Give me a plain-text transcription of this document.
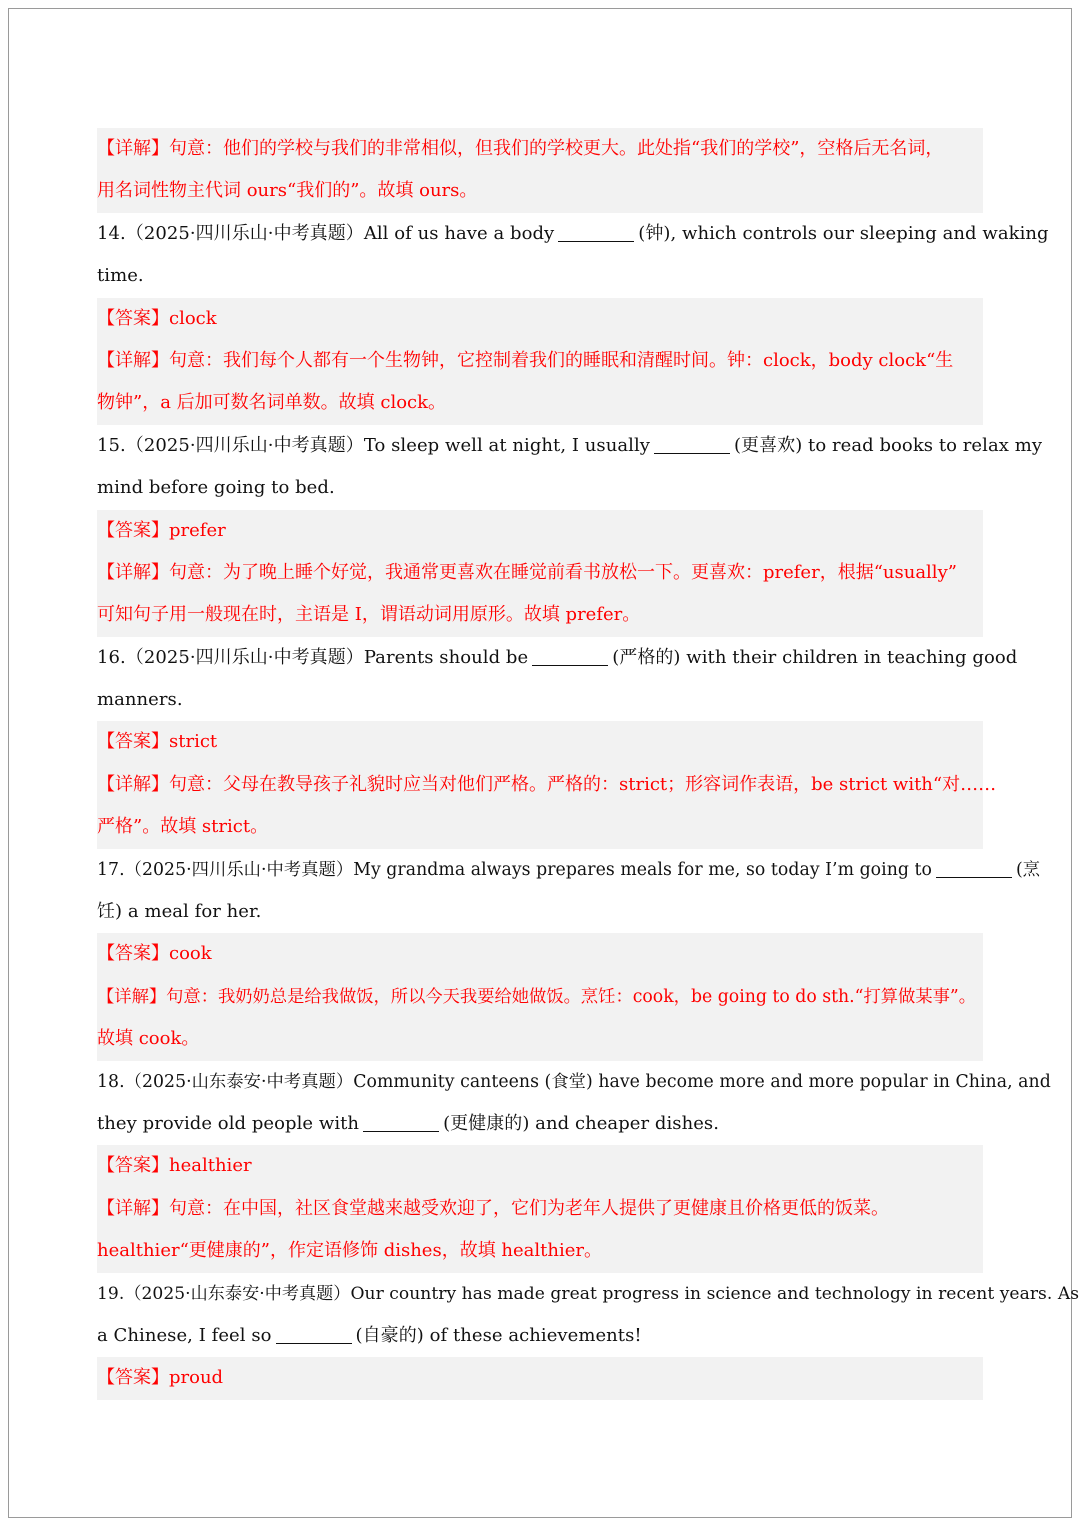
【详解】句意：他们的学校与我们的非常相似，但我们的学校更大。此处指“我们的学校”，空格后无名词，
用名词性物主代词 ours“我们的”。故填 ours。
14.（2025·四川乐山·中考真题）All of us have a body	(钟), which controls our sleeping and waking
time.
【答案】clock
【详解】句意：我们每个人都有一个生物钟，它控制着我们的睡眠和清醒时间。钟：clock，body clock“生
物钟”，a 后加可数名词单数。故填 clock。
15.（2025·四川乐山·中考真题）To sleep well at night, I usually	(更喜欢) to read books to relax my
mind before going to bed.
【答案】prefer
【详解】句意：为了晚上睡个好觉，我通常更喜欢在睡觉前看书放松一下。更喜欢：prefer，根据“usually”
可知句子用一般现在时，主语是 I，谓语动词用原形。故填 prefer。
16.（2025·四川乐山·中考真题）Parents should be	(严格的) with their children in teaching good
manners.
【答案】strict
【详解】句意：父母在教导孩子礼貌时应当对他们严格。严格的：strict；形容词作表语，be strict with“对……
严格”。故填 strict。
17.（2025·四川乐山·中考真题）My grandma always prepares meals for me, so today I’m going to	(烹
饪) a meal for her.
【答案】cook
【详解】句意：我奶奶总是给我做饭，所以今天我要给她做饭。烹饪：cook，be going to do sth.“打算做某事”。
故填 cook。
18.（2025·山东泰安·中考真题）Community canteens (食堂) have become more and more popular in China, and
they provide old people with	(更健康的) and cheaper dishes.
【答案】healthier
【详解】句意：在中国，社区食堂越来越受欢迎了，它们为老年人提供了更健康且价格更低的饭菜。
healthier“更健康的”，作定语修饰 dishes，故填 healthier。
19.（2025·山东泰安·中考真题）Our country has made great progress in science and technology in recent years. As
a Chinese, I feel so	(自豪的) of these achievements!
【答案】proud
